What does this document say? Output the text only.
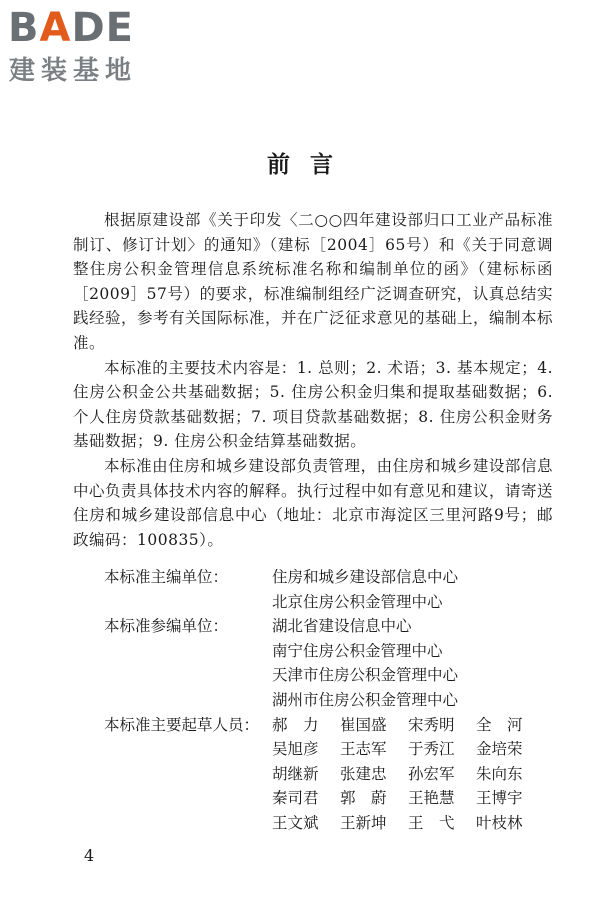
BADE
建装基地
前言

根据原建设部《关于印发〈二○○四年建设部归口工业产品标准制订、修订计划〉的通知》（建标［2004］65号）和《关于同意调整住房公积金管理信息系统标准名称和编制单位的函》（建标标函［2009］57号）的要求，标准编制组经广泛调查研究，认真总结实践经验，参考有关国际标准，并在广泛征求意见的基础上，编制本标准。

本标准的主要技术内容是：1. 总则；2. 术语；3. 基本规定；4. 住房公积金公共基础数据；5. 住房公积金归集和提取基础数据；6. 个人住房贷款基础数据；7. 项目贷款基础数据；8. 住房公积金财务基础数据；9. 住房公积金结算基础数据。

本标准由住房和城乡建设部负责管理，由住房和城乡建设部信息中心负责具体技术内容的解释。执行过程中如有意见和建议，请寄送住房和城乡建设部信息中心（地址：北京市海淀区三里河路9号；邮政编码：100835）。

本标准主编单位：	住房和城乡建设部信息中心
北京住房公积金管理中心
本标准参编单位：	湖北省建设信息中心
南宁住房公积金管理中心
天津市住房公积金管理中心
湖州市住房公积金管理中心
本标准主要起草人员： 郝　力	崔国盛	宋秀明	全　河
吴旭彦	王志军	于秀江	金培荣
胡继新	张建忠	孙宏军	朱向东
秦司君	郭　蔚	王艳慧	王博宇
王文斌	王新坤	王　弋	叶枝林
4
